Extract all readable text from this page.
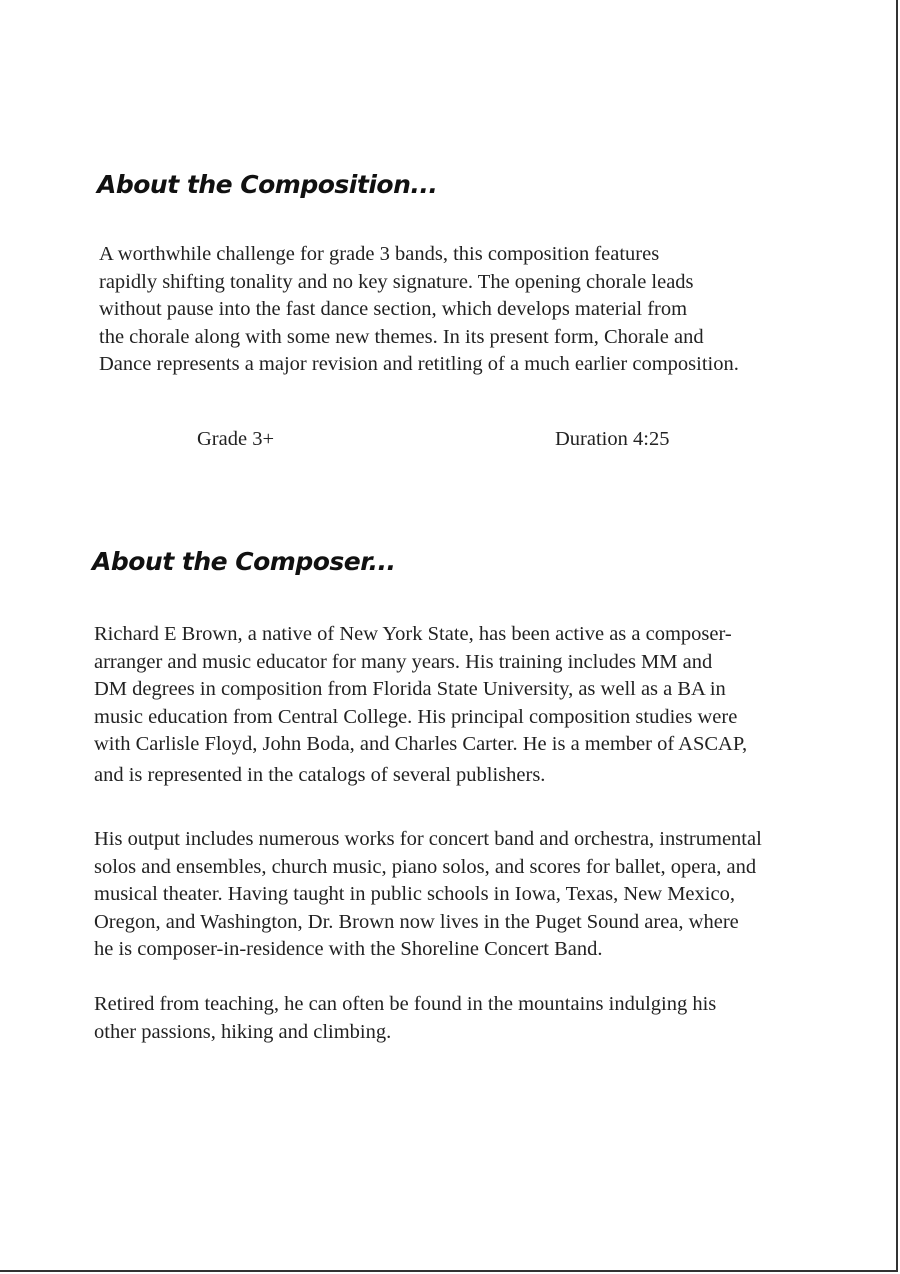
About the Composition...
A worthwhile challenge for grade 3 bands, this composition features
rapidly shifting tonality and no key signature. The opening chorale leads
without pause into the fast dance section, which develops material from
the chorale along with some new themes. In its present form, Chorale and
Dance represents a major revision and retitling of a much earlier composition.
Grade 3+	Duration 4:25
About the Composer...
Richard E Brown, a native of New York State, has been active as a composer-
arranger and music educator for many years. His training includes MM and
DM degrees in composition from Florida State University, as well as a BA in
music education from Central College. His principal composition studies were
with Carlisle Floyd, John Boda, and Charles Carter. He is a member of ASCAP,
and is represented in the catalogs of several publishers.
His output includes numerous works for concert band and orchestra, instrumental
solos and ensembles, church music, piano solos, and scores for ballet, opera, and
musical theater. Having taught in public schools in Iowa, Texas, New Mexico,
Oregon, and Washington, Dr. Brown now lives in the Puget Sound area, where
he is composer-in-residence with the Shoreline Concert Band.
Retired from teaching, he can often be found in the mountains indulging his
other passions, hiking and climbing.
